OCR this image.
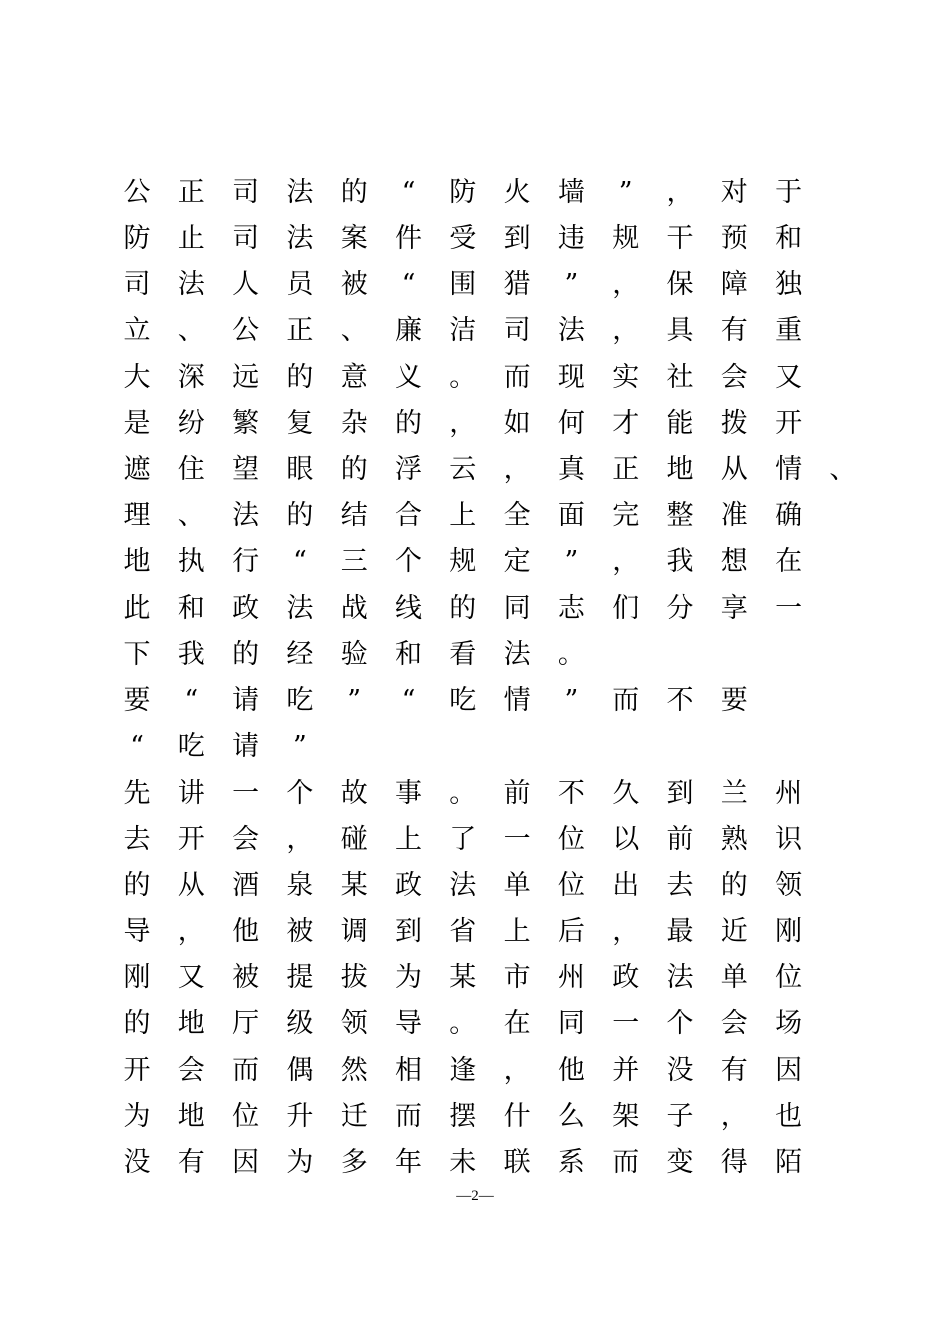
公 正 司 法 的	“	防 火 墙	”	， 对 于
防 止 司 法 案 件 受 到 违 规 干 预 和
司 法 人 员 被	“	围 猎	”	， 保 障 独
立 、 公 正 、 廉 洁 司 法 ， 具 有 重
大 深 远 的 意 义 。 而 现 实 社 会 又
是 纷 繁 复 杂 的 ， 如 何 才 能 拨 开
遮 住 望 眼 的 浮 云 ， 真 正 地 从 情 、
理 、 法 的 结 合 上 全 面 完 整 准 确
地 执 行	“	三 个 规 定	”	， 我 想 在
此 和 政 法 战 线 的 同 志 们 分 享 一
下 我 的 经 验 和 看 法 。
要	“	请 吃	”	“	吃 情	”	而 不 要
“	吃 请	”
先 讲 一 个 故 事 。 前 不 久 到 兰 州
去 开 会 ， 碰 上 了 一 位 以 前 熟 识
的 从 酒 泉 某 政 法 单 位 出 去 的 领
导 ， 他 被 调 到 省 上 后 ， 最 近 刚
刚 又 被 提 拔 为 某 市 州 政 法 单 位
的 地 厅 级 领 导 。 在 同 一 个 会 场
开 会 而 偶 然 相 逢 ， 他 并 没 有 因
为 地 位 升 迁 而 摆 什 么 架 子 ， 也
没 有 因 为 多 年 未 联 系 而 变 得 陌
—2—
